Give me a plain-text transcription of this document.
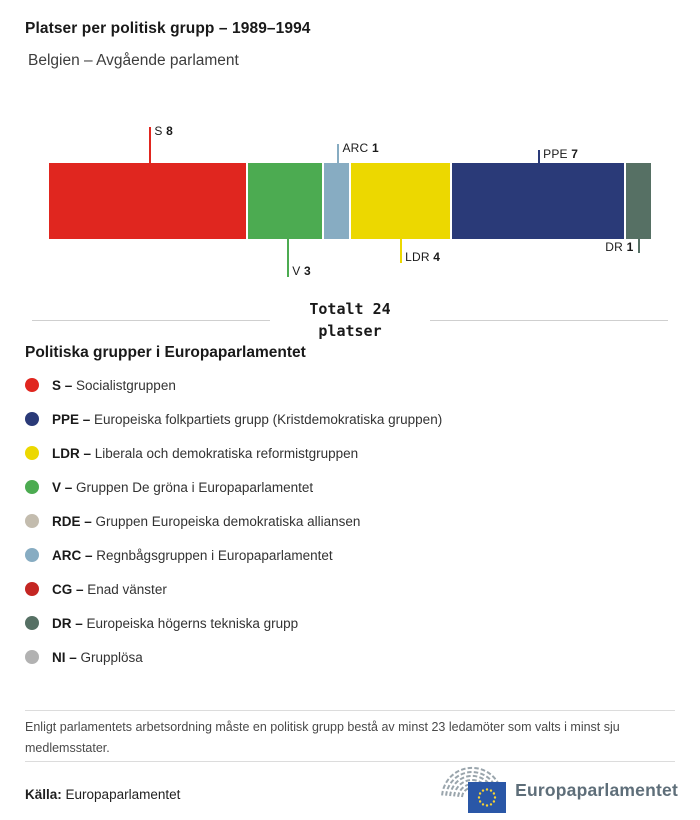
Platser per politisk grupp – 1989–1994
Belgien – Avgående parlament
S 8
V 3
ARC 1
LDR 4
PPE 7
DR 1
Totalt 24 platser
Politiska grupper i Europaparlamentet
S – Socialistgruppen
PPE – Europeiska folkpartiets grupp (Kristdemokratiska gruppen)
LDR – Liberala och demokratiska reformistgruppen
V – Gruppen De gröna i Europaparlamentet
RDE – Gruppen Europeiska demokratiska alliansen
ARC – Regnbågsgruppen i Europaparlamentet
CG – Enad vänster
DR – Europeiska högerns tekniska grupp
NI – Grupplösa
Enligt parlamentets arbetsordning måste en politisk grupp bestå av minst 23 ledamöter som valts i minst sju medlemsstater.
Källa: Europaparlamentet	Europaparlamentet
